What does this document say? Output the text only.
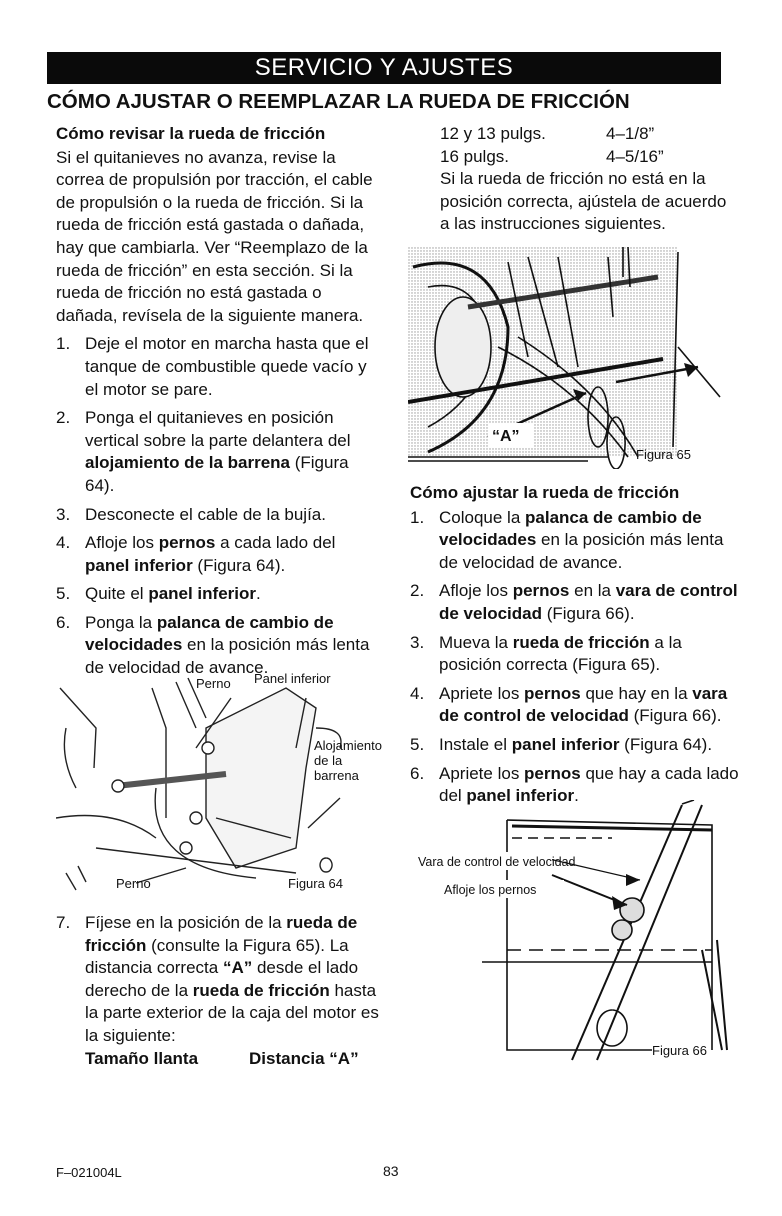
SERVICIO Y AJUSTES
CÓMO AJUSTAR O REEMPLAZAR LA RUEDA DE FRICCIÓN

Cómo revisar la rueda de fricción

Si el quitanieves no avanza, revise la correa de propulsión por tracción, el cable de propulsión o la rueda de fricción. Si la rueda de fricción está gastada o dañada, hay que cambiarla. Ver “Reemplazo de la rueda de fricción” en esta sección. Si la rueda de fricción no está gastada o dañada, revísela de la siguiente manera.

1. Deje el motor en marcha hasta que el tanque de combustible quede vacío y el motor se pare.
2. Ponga el quitanieves en posición vertical sobre la parte delantera del alojamiento de la barrena (Figura 64).
3. Desconecte el cable de la bujía.
4. Afloje los pernos a cada lado del panel inferior (Figura 64).
5. Quite el panel inferior.
6. Ponga la palanca de cambio de velocidades en la posición más lenta de velocidad de avance.
Perno Panel inferior
Perno	Figura 64
Alojamiento de la barrena
7. Fíjese en la posición de la rueda de fricción (consulte la Figura 65). La distancia correcta “A” desde el lado derecho de la rueda de fricción hasta la parte exterior de la caja del motor es la siguiente:
Tamaño llanta	Distancia “A”
12 y 13 pulgs.	4–1/8”
16 pulgs.	4–5/16”

Si la rueda de fricción no está en la posición correcta, ajústela de acuerdo a las instrucciones siguientes.

“A”
Figura 65

Cómo ajustar la rueda de fricción

1. Coloque la palanca de cambio de velocidades en la posición más lenta de velocidad de avance.
2. Afloje los pernos en la vara de control de velocidad (Figura 66).
3. Mueva la rueda de fricción a la posición correcta (Figura 65).
4. Apriete los pernos que hay en la vara de control de velocidad (Figura 66).
5. Instale el panel inferior (Figura 64).
6. Apriete los pernos que hay a cada lado del panel inferior.
Vara de control de velocidad
Afloje los pernos
Figura 66
F–021004L	83
